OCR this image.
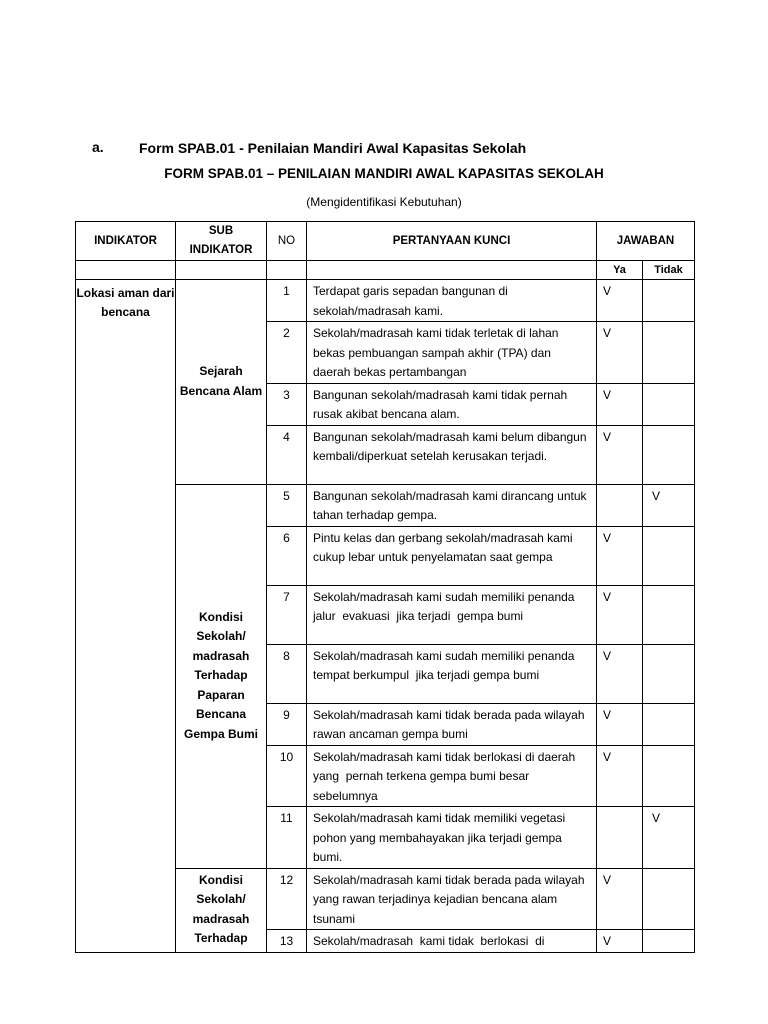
a.	Form SPAB.01 - Penilaian Mandiri Awal Kapasitas Sekolah
FORM SPAB.01 – PENILAIAN MANDIRI AWAL KAPASITAS SEKOLAH
(Mengidentifikasi Kebutuhan)
INDIKATOR	SUB INDIKATOR	NO	PERTANYAAN KUNCI	JAWABAN	
				Ya	Tidak
Lokasi aman dari bencana	Sejarah Bencana Alam	1	Terdapat garis sepadan bangunan di sekolah/madrasah kami.	V	
		2	Sekolah/madrasah kami tidak terletak di lahan bekas pembuangan sampah akhir (TPA) dan daerah bekas pertambangan	V	
		3	Bangunan sekolah/madrasah kami tidak pernah rusak akibat bencana alam.	V	
		4	Bangunan sekolah/madrasah kami belum dibangun kembali/diperkuat setelah kerusakan terjadi.	V	
	Kondisi Sekolah/ madrasah Terhadap Paparan Bencana Gempa Bumi	5	Bangunan sekolah/madrasah kami dirancang untuk tahan terhadap gempa.		V
		6	Pintu kelas dan gerbang sekolah/madrasah kami cukup lebar untuk penyelamatan saat gempa	V	
		7	Sekolah/madrasah kami sudah memiliki penanda  jalur  evakuasi  jika terjadi  gempa bumi	V	
		8	Sekolah/madrasah kami sudah memiliki penanda  tempat berkumpul  jika terjadi gempa bumi	V	
		9	Sekolah/madrasah kami tidak berada pada wilayah rawan ancaman gempa bumi	V	
		10	Sekolah/madrasah kami tidak berlokasi di daerah yang  pernah terkena gempa bumi besar sebelumnya	V	
		11	Sekolah/madrasah kami tidak memiliki vegetasi pohon yang membahayakan jika terjadi gempa bumi.		V
	Kondisi Sekolah/ madrasah Terhadap	12	Sekolah/madrasah kami tidak berada pada wilayah yang rawan terjadinya kejadian bencana alam tsunami	V	
		13	Sekolah/madrasah  kami tidak  berlokasi  di	V	
